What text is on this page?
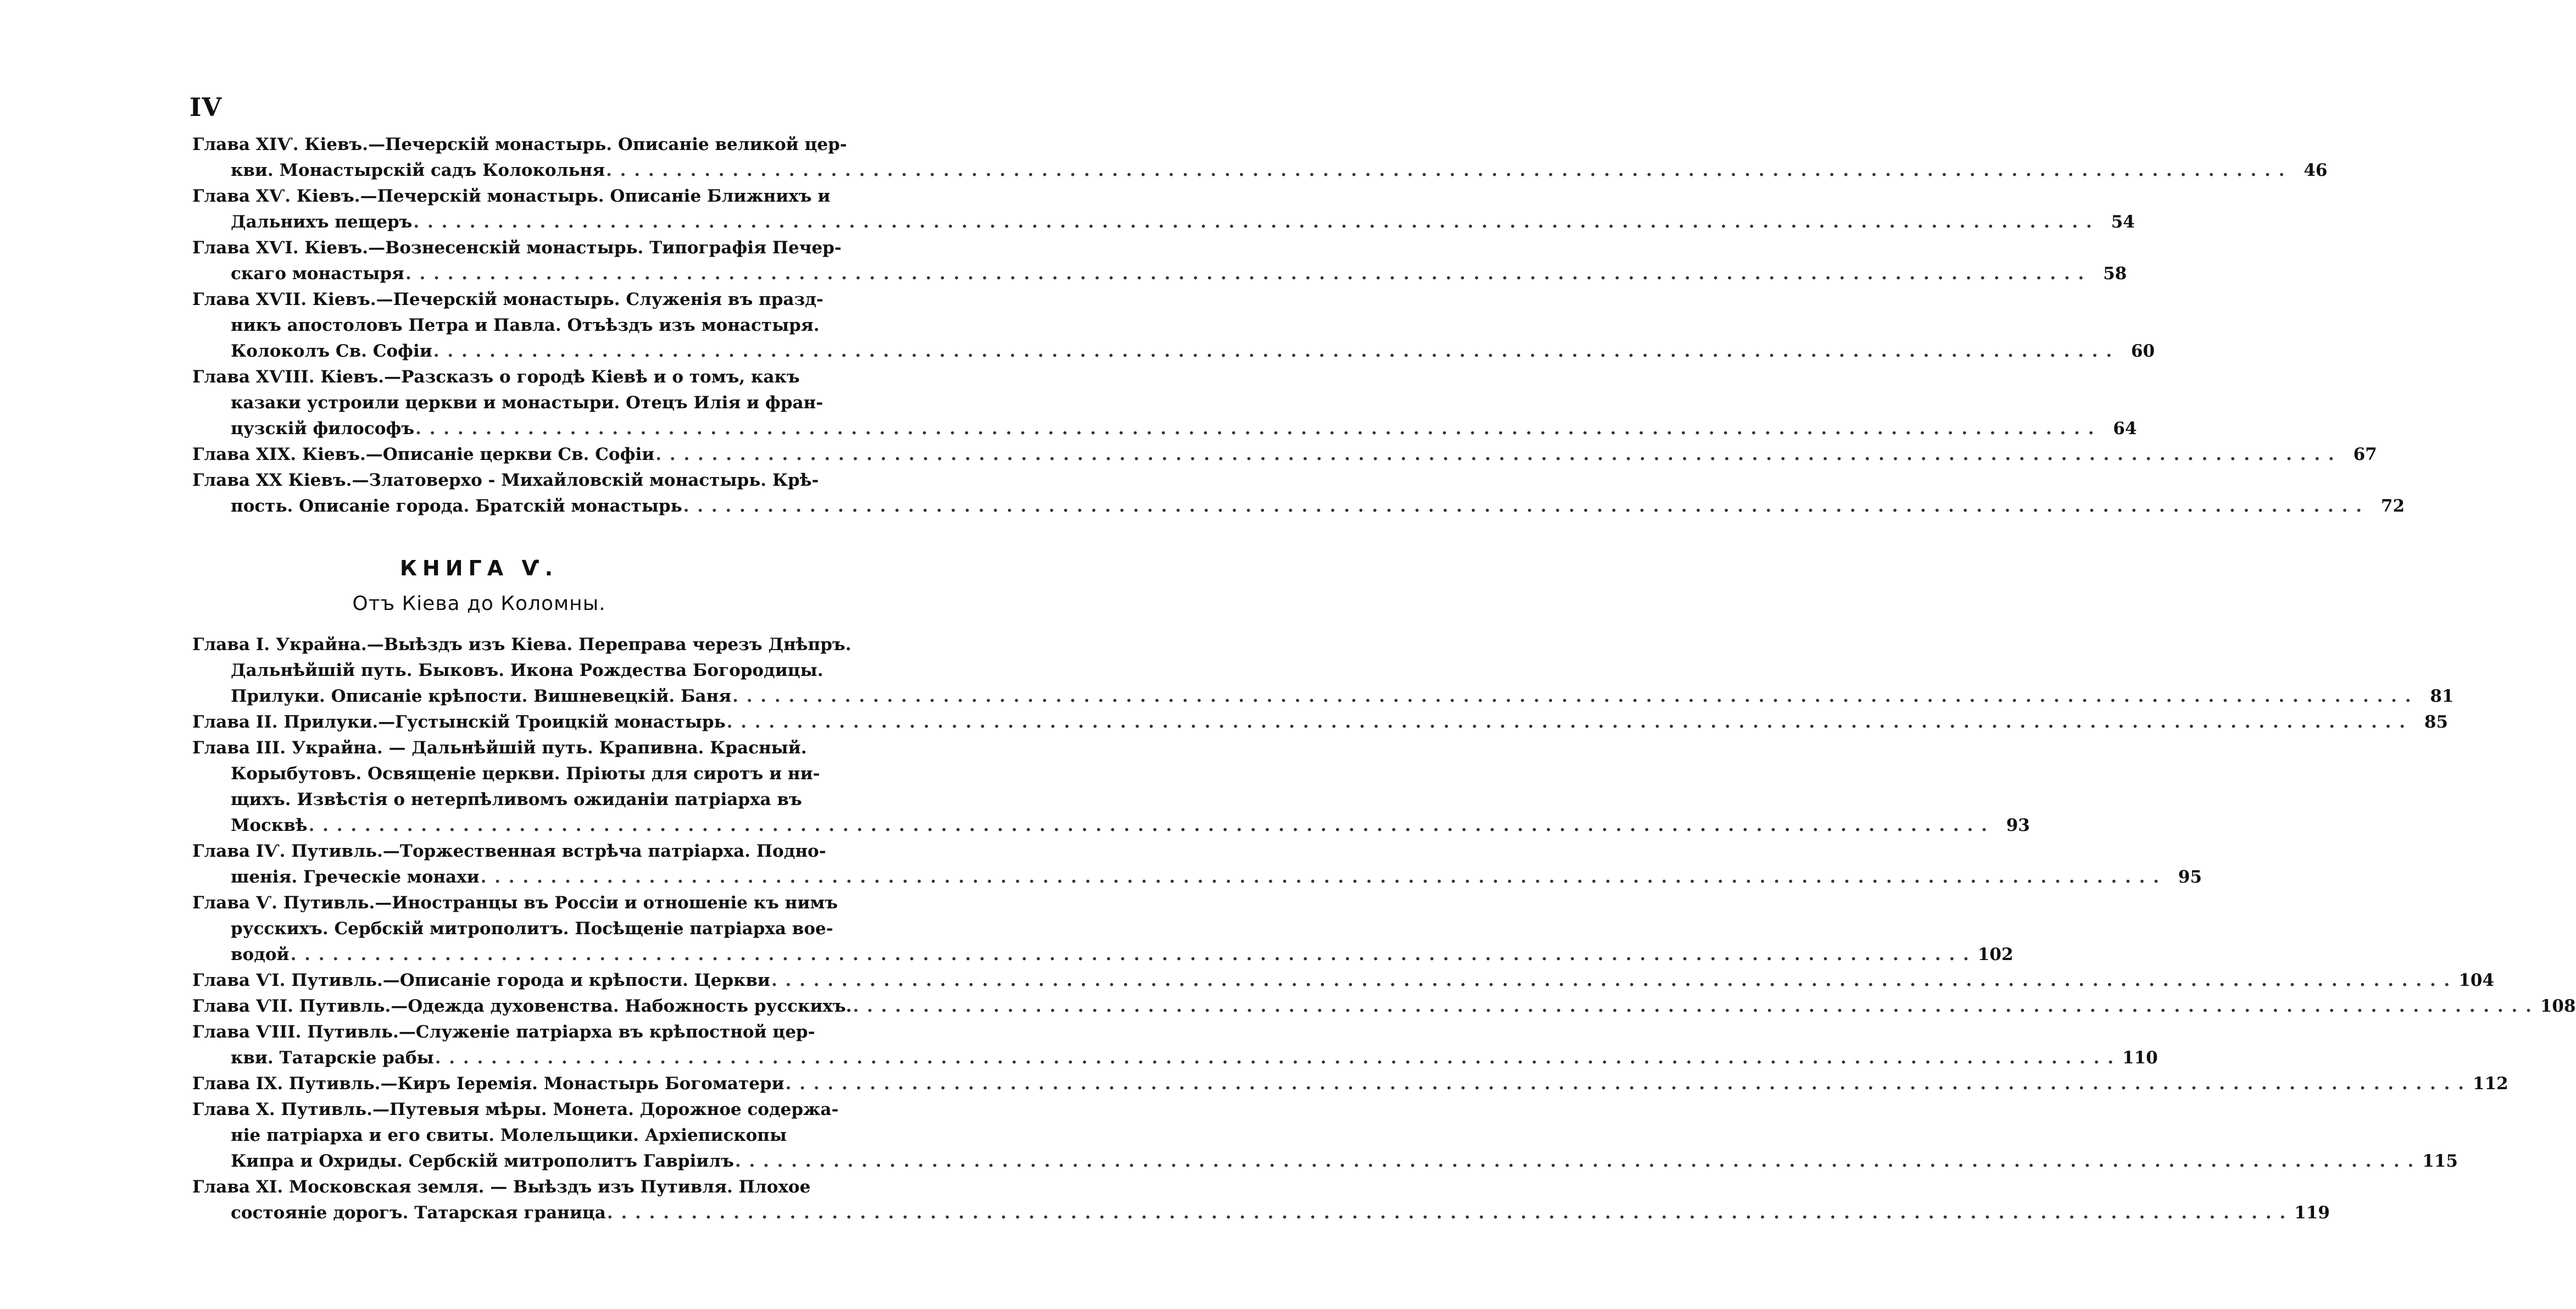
IV
Глава XIѴ. Кіевъ.—Печерскій монастырь. Описаніе великой цер-
кви. Монастырскій садъ Колокольня . . . . . . . . . . . . . . . . . . . . . . . . . . . . . . . . . . . . . . . . . . . . . . . . . . . . . . . . . . . . . . . . . . . . . . . . . . . . . . . . . . . . . . . . . . . . . . . . . . . . . . . . . . . . . . . . . . . . . . . .	46
Глава XѴ. Кіевъ.—Печерскій монастырь. Описаніе Ближнихъ и
Дальнихъ пещеръ . . . . . . . . . . . . . . . . . . . . . . . . . . . . . . . . . . . . . . . . . . . . . . . . . . . . . . . . . . . . . . . . . . . . . . . . . . . . . . . . . . . . . . . . . . . . . . . . . . . . . . . . . . . . . . . . . . . . . . . .	54
Глава XѴI. Кіевъ.—Вознесенскій монастырь. Типографія Печер-
скаго монастыря . . . . . . . . . . . . . . . . . . . . . . . . . . . . . . . . . . . . . . . . . . . . . . . . . . . . . . . . . . . . . . . . . . . . . . . . . . . . . . . . . . . . . . . . . . . . . . . . . . . . . . . . . . . . . . . . . . . . . . . .	58
Глава XѴII. Кіевъ.—Печерскій монастырь. Служенія въ празд-
никъ апостоловъ Петра и Павла. Отъѣздъ изъ монастыря.
Колоколъ Св. Софіи . . . . . . . . . . . . . . . . . . . . . . . . . . . . . . . . . . . . . . . . . . . . . . . . . . . . . . . . . . . . . . . . . . . . . . . . . . . . . . . . . . . . . . . . . . . . . . . . . . . . . . . . . . . . . . . . . . . . . . . .	60
Глава XѴIII. Кіевъ.—Разсказъ о городѣ Кіевѣ и о томъ, какъ
казаки устроили церкви и монастыри. Отецъ Илія и фран-
цузскій философъ . . . . . . . . . . . . . . . . . . . . . . . . . . . . . . . . . . . . . . . . . . . . . . . . . . . . . . . . . . . . . . . . . . . . . . . . . . . . . . . . . . . . . . . . . . . . . . . . . . . . . . . . . . . . . . . . . . . . . . . .	64
Глава XIX. Кіевъ.—Описаніе церкви Св. Софіи . . . . . . . . . . . . . . . . . . . . . . . . . . . . . . . . . . . . . . . . . . . . . . . . . . . . . . . . . . . . . . . . . . . . . . . . . . . . . . . . . . . . . . . . . . . . . . . . . . . . . . . . . . . . . . . . . . . . . . . .	67
Глава XX Кіевъ.—Златоверхо - Михайловскій монастырь. Крѣ-
пость. Описаніе города. Братскій монастырь . . . . . . . . . . . . . . . . . . . . . . . . . . . . . . . . . . . . . . . . . . . . . . . . . . . . . . . . . . . . . . . . . . . . . . . . . . . . . . . . . . . . . . . . . . . . . . . . . . . . . . . . . . . . . . . . . . . . . . . .	72
КНИГА Ѵ.
Отъ Кіева до Коломны.
Глава I. Украйна.—Выѣздъ изъ Кіева. Переправа черезъ Днѣпръ.
Дальнѣйшій путь. Быковъ. Икона Рождества Богородицы.
Прилуки. Описаніе крѣпости. Вишневецкій. Баня . . . . . . . . . . . . . . . . . . . . . . . . . . . . . . . . . . . . . . . . . . . . . . . . . . . . . . . . . . . . . . . . . . . . . . . . . . . . . . . . . . . . . . . . . . . . . . . . . . . . . . . . . . . . . . . . . . . . . . . .	81
Глава II. Прилуки.—Густынскій Троицкій монастырь . . . . . . . . . . . . . . . . . . . . . . . . . . . . . . . . . . . . . . . . . . . . . . . . . . . . . . . . . . . . . . . . . . . . . . . . . . . . . . . . . . . . . . . . . . . . . . . . . . . . . . . . . . . . . . . . . . . . . . . .	85
Глава III. Украйна. — Дальнѣйшій путь. Крапивна. Красный.
Корыбутовъ. Освященіе церкви. Пріюты для сиротъ и ни-
щихъ. Извѣстія о нетерпѣливомъ ожиданіи патріарха въ
Москвѣ . . . . . . . . . . . . . . . . . . . . . . . . . . . . . . . . . . . . . . . . . . . . . . . . . . . . . . . . . . . . . . . . . . . . . . . . . . . . . . . . . . . . . . . . . . . . . . . . . . . . . . . . . . . . . . . . . . . . . . . .	93
Глава IѴ. Путивль.—Торжественная встрѣча патріарха. Подно-
шенія. Греческіе монахи . . . . . . . . . . . . . . . . . . . . . . . . . . . . . . . . . . . . . . . . . . . . . . . . . . . . . . . . . . . . . . . . . . . . . . . . . . . . . . . . . . . . . . . . . . . . . . . . . . . . . . . . . . . . . . . . . . . . . . . .	95
Глава Ѵ. Путивль.—Иностранцы въ Россіи и отношеніе къ нимъ
русскихъ. Сербскій митрополитъ. Посѣщеніе патріарха вое-
водой . . . . . . . . . . . . . . . . . . . . . . . . . . . . . . . . . . . . . . . . . . . . . . . . . . . . . . . . . . . . . . . . . . . . . . . . . . . . . . . . . . . . . . . . . . . . . . . . . . . . . . . . . . . . . . . . . . . . . . . . 102
Глава ѴI. Путивль.—Описаніе города и крѣпости. Церкви . . . . . . . . . . . . . . . . . . . . . . . . . . . . . . . . . . . . . . . . . . . . . . . . . . . . . . . . . . . . . . . . . . . . . . . . . . . . . . . . . . . . . . . . . . . . . . . . . . . . . . . . . . . . . . . . . . . . . . . . 104
Глава ѴII. Путивль.—Одежда духовенства. Набожность русскихъ. . . . . . . . . . . . . . . . . . . . . . . . . . . . . . . . . . . . . . . . . . . . . . . . . . . . . . . . . . . . . . . . . . . . . . . . . . . . . . . . . . . . . . . . . . . . . . . . . . . . . . . . . . . . . . . . . . . . . . . . . 108
Глава ѴIII. Путивль.—Служеніе патріарха въ крѣпостной цер-
кви. Татарскіе рабы . . . . . . . . . . . . . . . . . . . . . . . . . . . . . . . . . . . . . . . . . . . . . . . . . . . . . . . . . . . . . . . . . . . . . . . . . . . . . . . . . . . . . . . . . . . . . . . . . . . . . . . . . . . . . . . . . . . . . . . . 110
Глава IX. Путивль.—Киръ Іеремія. Монастырь Богоматери . . . . . . . . . . . . . . . . . . . . . . . . . . . . . . . . . . . . . . . . . . . . . . . . . . . . . . . . . . . . . . . . . . . . . . . . . . . . . . . . . . . . . . . . . . . . . . . . . . . . . . . . . . . . . . . . . . . . . . . . 112
Глава X. Путивль.—Путевыя мѣры. Монета. Дорожное содержа-
ніе патріарха и его свиты. Молельщики. Архіепископы
Кипра и Охриды. Сербскій митрополитъ Гавріилъ . . . . . . . . . . . . . . . . . . . . . . . . . . . . . . . . . . . . . . . . . . . . . . . . . . . . . . . . . . . . . . . . . . . . . . . . . . . . . . . . . . . . . . . . . . . . . . . . . . . . . . . . . . . . . . . . . . . . . . . . 115
Глава XI. Московская земля. — Выѣздъ изъ Путивля. Плохое
состояніе дорогъ. Татарская граница . . . . . . . . . . . . . . . . . . . . . . . . . . . . . . . . . . . . . . . . . . . . . . . . . . . . . . . . . . . . . . . . . . . . . . . . . . . . . . . . . . . . . . . . . . . . . . . . . . . . . . . . . . . . . . . . . . . . . . . . 119
